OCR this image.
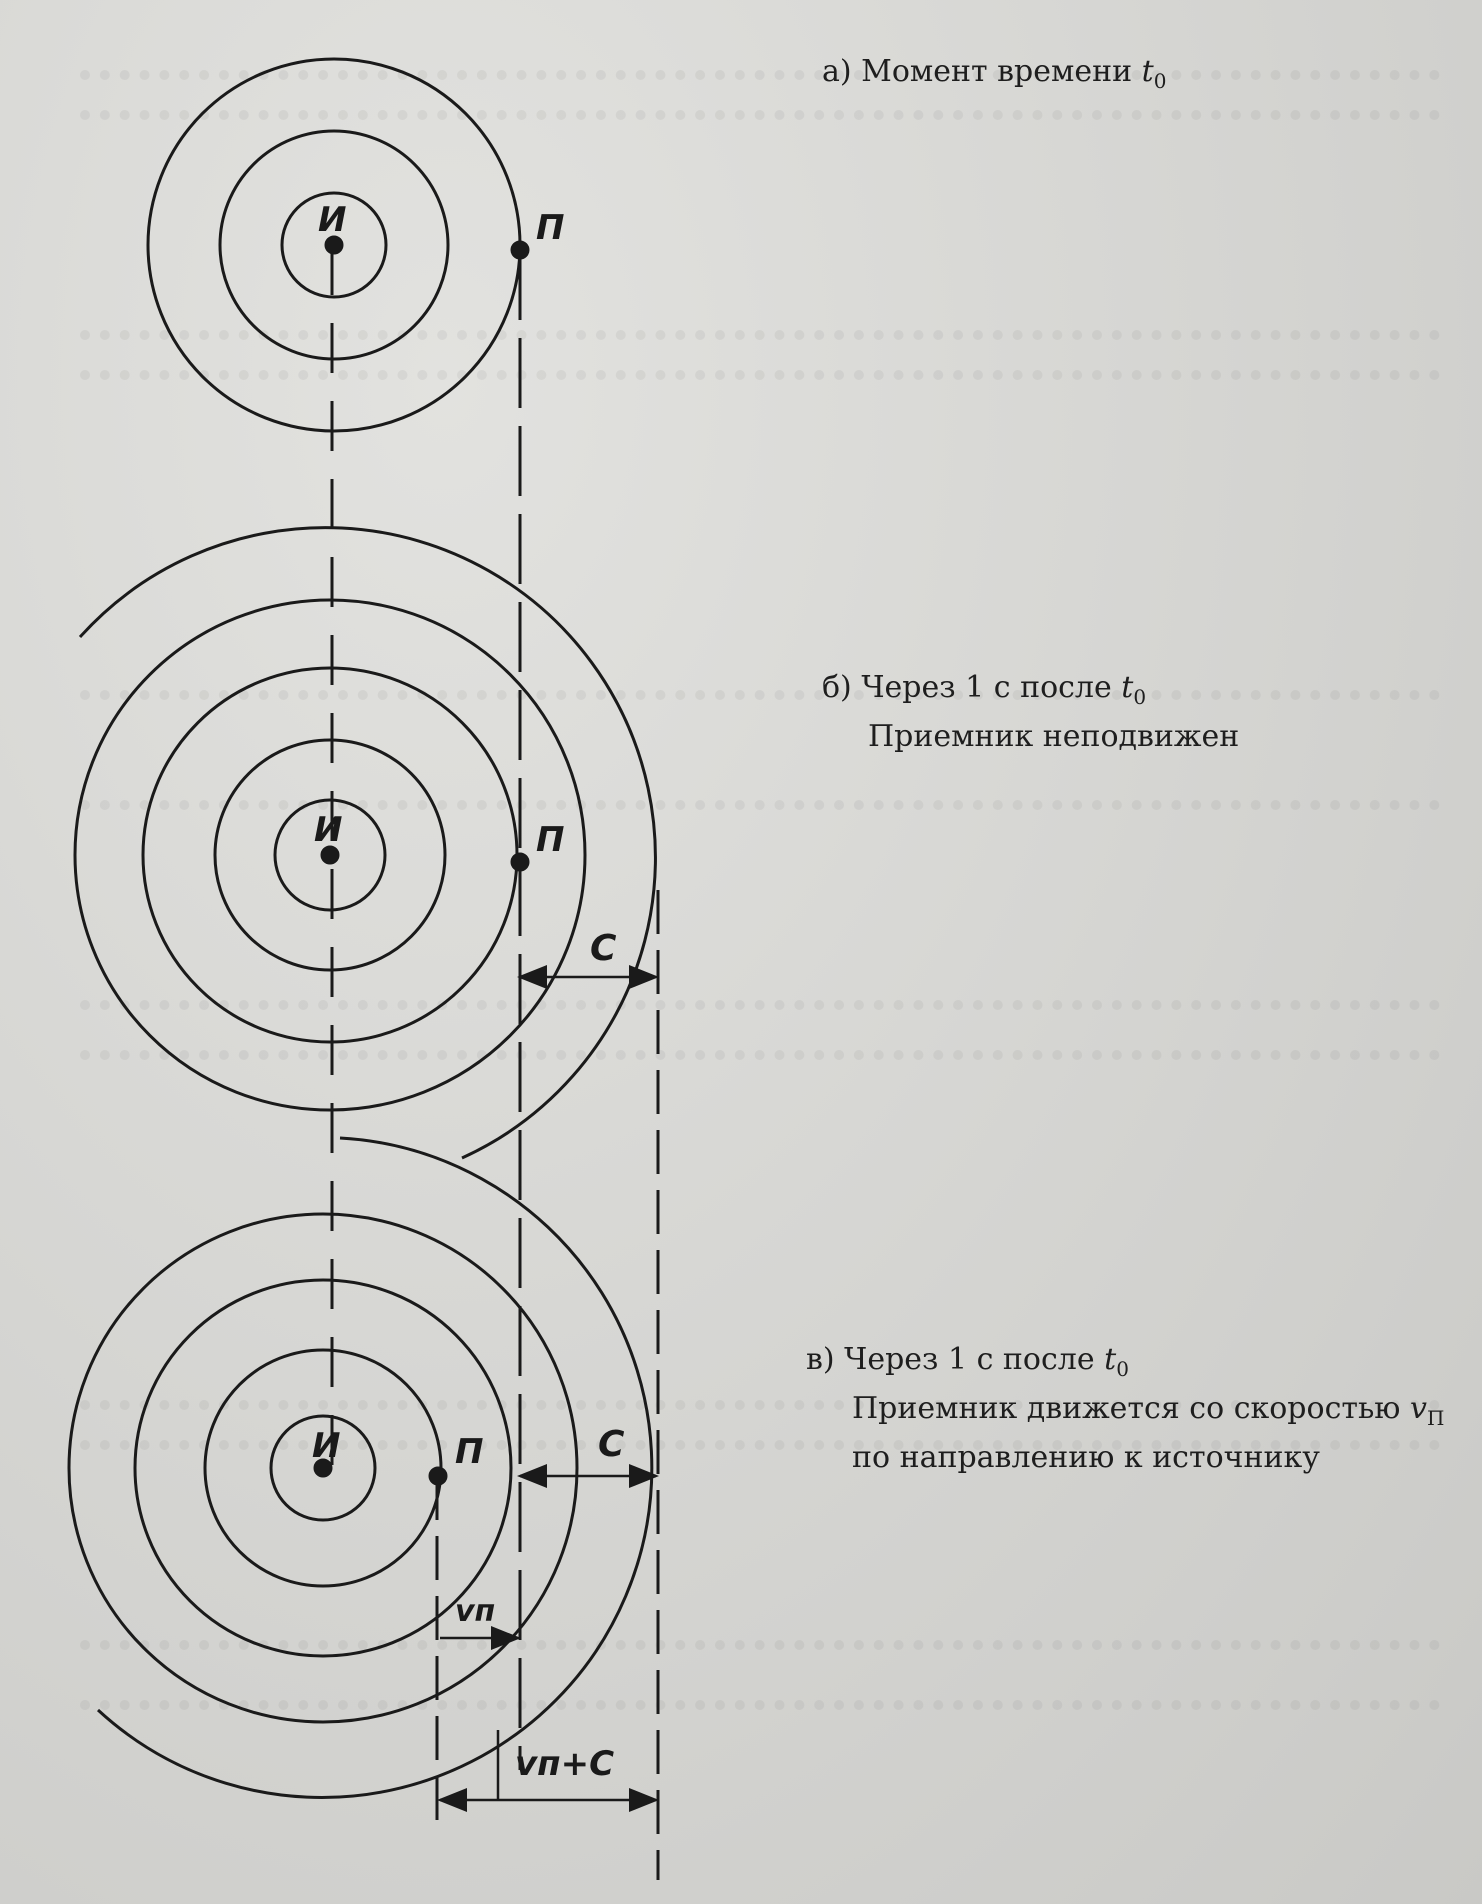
И	П
И	П
C
И	П	C
vп
vп+C
а) Момент времени $t_0$
б) Через 1 с после $t_0$
Приемник неподвижен
в) Через 1 с после $t_0$
Приемник движется со скоростью $v_П$
по направлению к источнику
